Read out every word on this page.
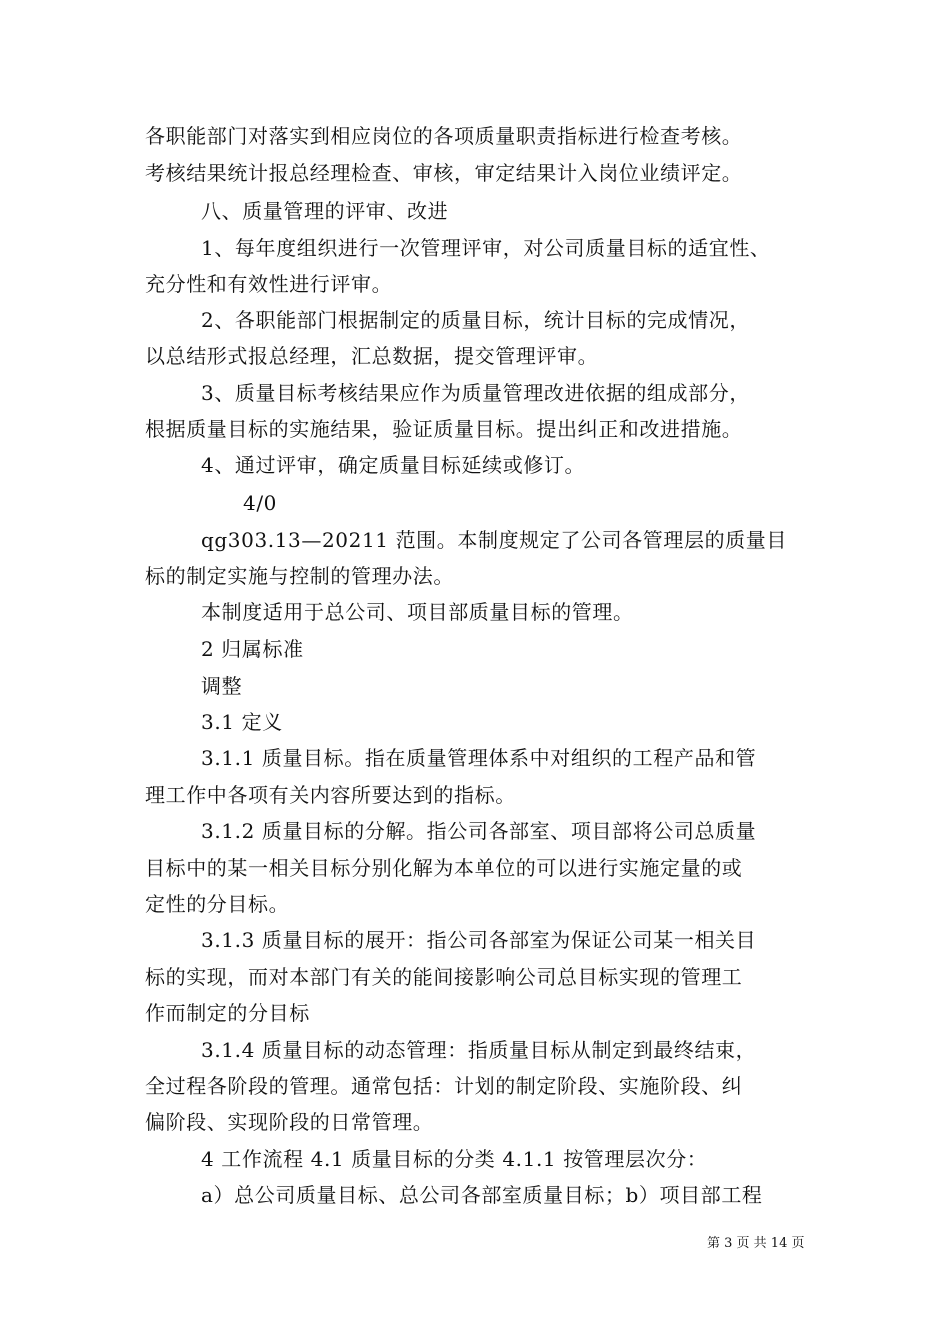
各职能部门对落实到相应岗位的各项质量职责指标进行检查考核。
考核结果统计报总经理检查、审核，审定结果计入岗位业绩评定。
八、质量管理的评审、改进
1、每年度组织进行一次管理评审，对公司质量目标的适宜性、
充分性和有效性进行评审。
2、各职能部门根据制定的质量目标，统计目标的完成情况，
以总结形式报总经理，汇总数据，提交管理评审。
3、质量目标考核结果应作为质量管理改进依据的组成部分，
根据质量目标的实施结果，验证质量目标。提出纠正和改进措施。
4、通过评审，确定质量目标延续或修订。
4/0
qg303.13—20211 范围。本制度规定了公司各管理层的质量目
标的制定实施与控制的管理办法。
本制度适用于总公司、项目部质量目标的管理。
2 归属标准
调整
3.1 定义
3.1.1 质量目标。指在质量管理体系中对组织的工程产品和管
理工作中各项有关内容所要达到的指标。
3.1.2 质量目标的分解。指公司各部室、项目部将公司总质量
目标中的某一相关目标分别化解为本单位的可以进行实施定量的或
定性的分目标。
3.1.3 质量目标的展开：指公司各部室为保证公司某一相关目
标的实现，而对本部门有关的能间接影响公司总目标实现的管理工
作而制定的分目标
3.1.4 质量目标的动态管理：指质量目标从制定到最终结束，
全过程各阶段的管理。通常包括：计划的制定阶段、实施阶段、纠
偏阶段、实现阶段的日常管理。
4 工作流程 4.1 质量目标的分类 4.1.1 按管理层次分：
a）总公司质量目标、总公司各部室质量目标；b）项目部工程
第 3 页 共 14 页
